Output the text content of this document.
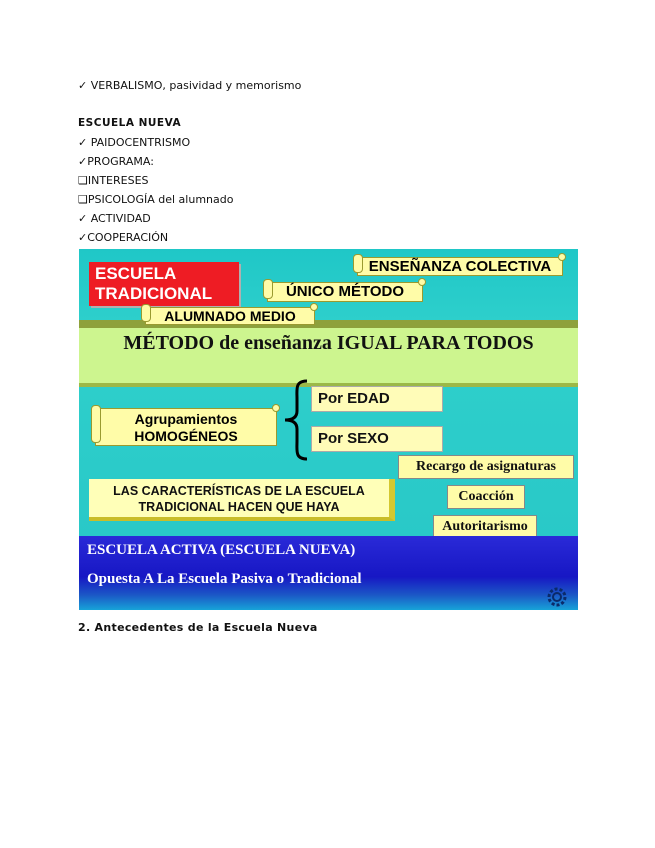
✓ VERBALISMO, pasividad y memorismo
ESCUELA NUEVA
✓ PAIDOCENTRISMO
✓PROGRAMA:
❑INTERESES
❑PSICOLOGÍA del alumnado
✓ ACTIVIDAD
✓COOPERACIÓN
ESCUELA
TRADICIONAL
ENSEÑANZA COLECTIVA
ÚNICO MÉTODO
ALUMNADO MEDIO
MÉTODO de enseñanza IGUAL PARA TODOS
Agrupamientos
HOMOGÉNEOS
Por EDAD
Por SEXO
Recargo de asignaturas
Coacción
Autoritarismo
LAS CARACTERÍSTICAS DE LA ESCUELA
TRADICIONAL HACEN QUE HAYA
ESCUELA ACTIVA (ESCUELA NUEVA)
Opuesta A La Escuela Pasiva o Tradicional
2. Antecedentes de la Escuela Nueva
